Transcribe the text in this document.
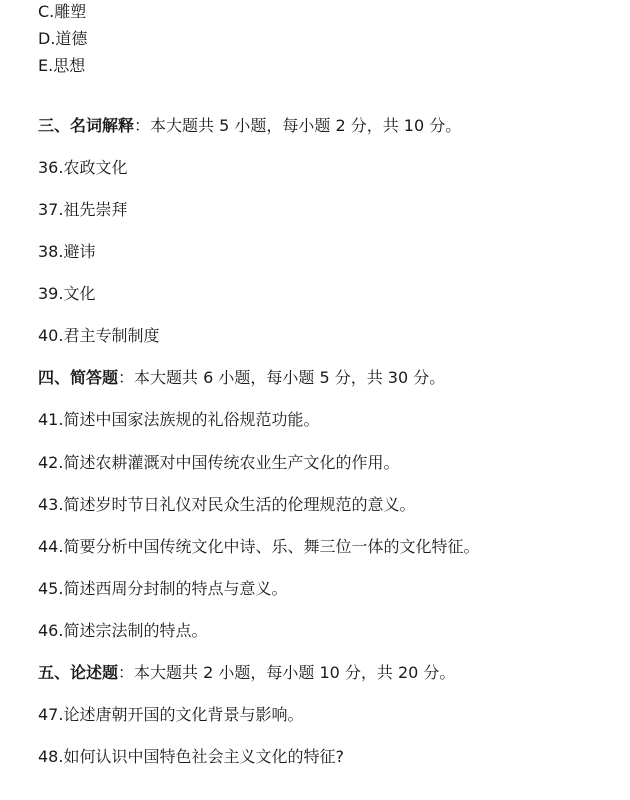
C.雕塑
D.道德
E.思想
三、名词解释：本大题共 5 小题，每小题 2 分，共 10 分。
36.农政文化
37.祖先崇拜
38.避讳
39.文化
40.君主专制制度
四、简答题：本大题共 6 小题，每小题 5 分，共 30 分。
41.简述中国家法族规的礼俗规范功能。
42.简述农耕灌溉对中国传统农业生产文化的作用。
43.简述岁时节日礼仪对民众生活的伦理规范的意义。
44.简要分析中国传统文化中诗、乐、舞三位一体的文化特征。
45.简述西周分封制的特点与意义。
46.简述宗法制的特点。
五、论述题：本大题共 2 小题，每小题 10 分，共 20 分。
47.论述唐朝开国的文化背景与影响。
48.如何认识中国特色社会主义文化的特征?
